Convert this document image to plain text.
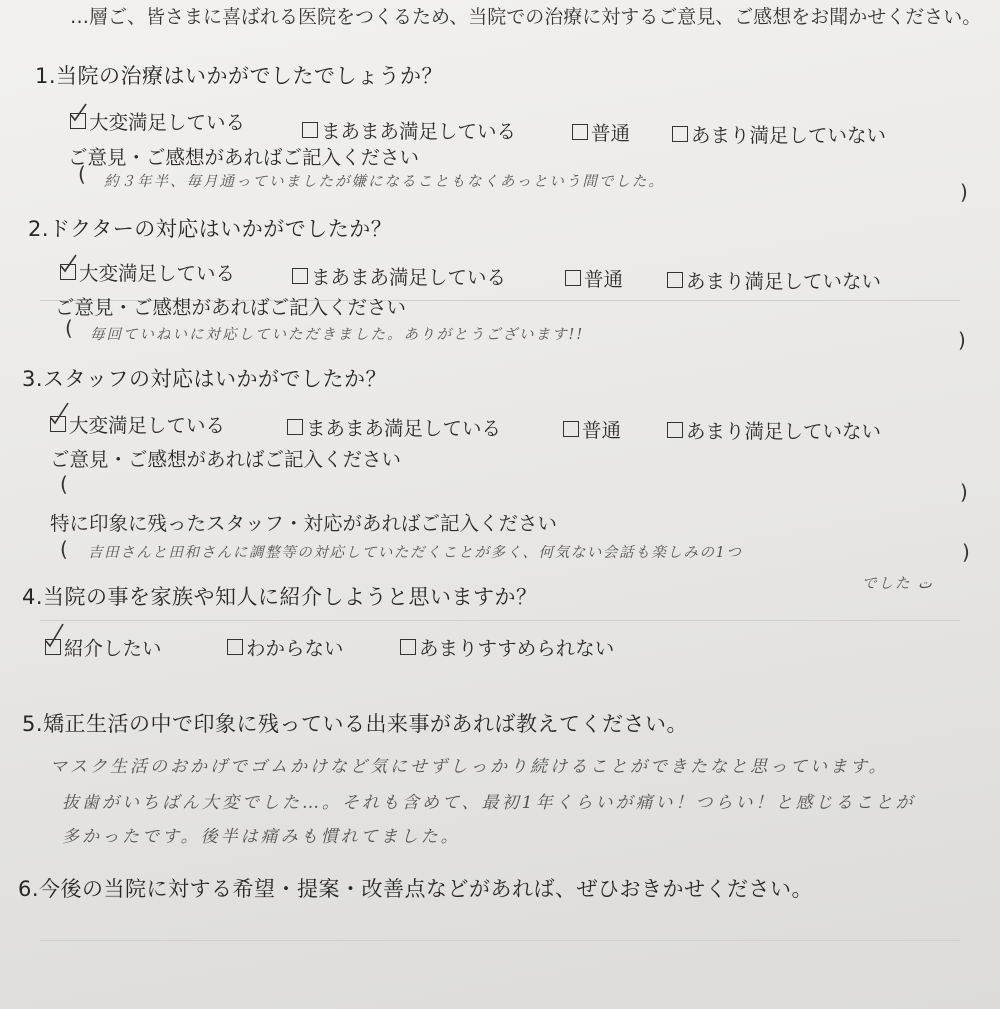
…層ご、皆さまに喜ばれる医院をつくるため、当院での治療に対するご意見、ご感想をお聞かせください。
1.当院の治療はいかがでしたでしょうか？
大変満足している	まあまあ満足している	普通	あまり満足していない
ご意見・ご感想があればご記入ください
( 約３年半、毎月通っていましたが嫌になることもなくあっという間でした。	)
2.ドクターの対応はいかがでしたか？
大変満足している	まあまあ満足している	普通	あまり満足していない
ご意見・ご感想があればご記入ください
( 毎回ていねいに対応していただきました。ありがとうございます!!	)
3.スタッフの対応はいかがでしたか？
大変満足している	まあまあ満足している	普通	あまり満足していない
ご意見・ご感想があればご記入ください
(	)
特に印象に残ったスタッフ・対応があればご記入ください
( 吉田さんと田和さんに調整等の対応していただくことが多く、何気ない会話も楽しみの1つ	)
でした ت
4.当院の事を家族や知人に紹介しようと思いますか？
紹介したい	わからない	あまりすすめられない
5.矯正生活の中で印象に残っている出来事があれば教えてください。
マスク生活のおかげでゴムかけなど気にせずしっかり続けることができたなと思っています。
抜歯がいちばん大変でした…。それも含めて、最初1年くらいが痛い！つらい！と感じることが
多かったです。後半は痛みも慣れてました。
6.今後の当院に対する希望・提案・改善点などがあれば、ぜひおきかせください。
